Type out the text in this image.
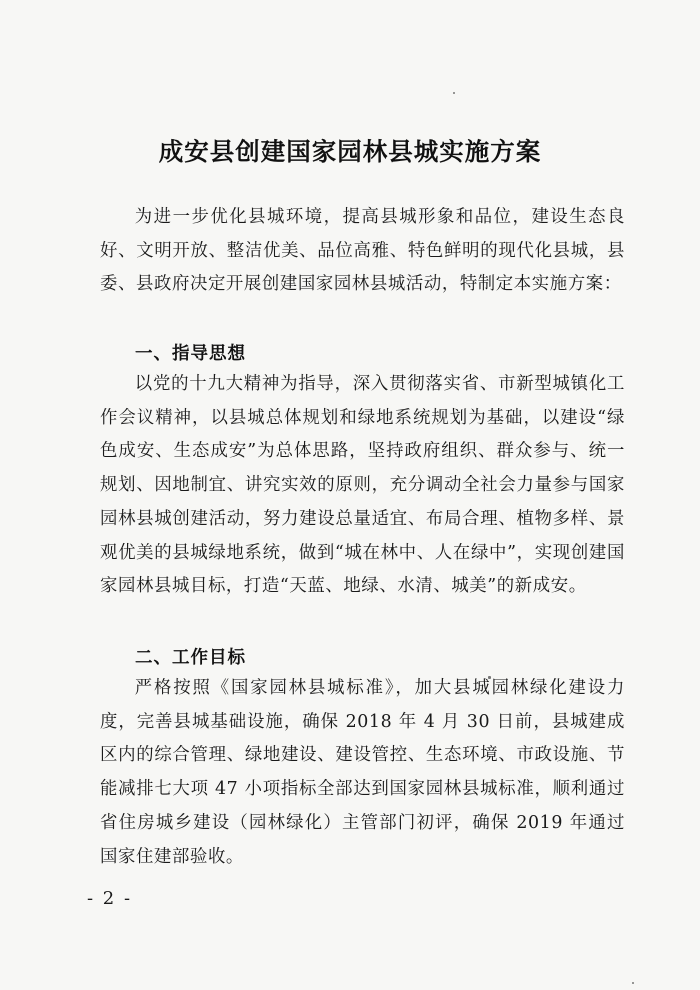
成安县创建国家园林县城实施方案

为进一步优化县城环境，提高县城形象和品位，建设生态良好、文明开放、整洁优美、品位高雅、特色鲜明的现代化县城，县委、县政府决定开展创建国家园林县城活动，特制定本实施方案：

一、指导思想

以党的十九大精神为指导，深入贯彻落实省、市新型城镇化工作会议精神，以县城总体规划和绿地系统规划为基础，以建设“绿色成安、生态成安”为总体思路，坚持政府组织、群众参与、统一规划、因地制宜、讲究实效的原则，充分调动全社会力量参与国家园林县城创建活动，努力建设总量适宜、布局合理、植物多样、景观优美的县城绿地系统，做到“城在林中、人在绿中”，实现创建国家园林县城目标，打造“天蓝、地绿、水清、城美”的新成安。

二、工作目标

严格按照《国家园林县城标准》，加大县城园林绿化建设力度，完善县城基础设施，确保 2018 年 4 月 30 日前，县城建成区内的综合管理、绿地建设、建设管控、生态环境、市政设施、节能减排七大项 47 小项指标全部达到国家园林县城标准，顺利通过省住房城乡建设（园林绿化）主管部门初评，确保 2019 年通过国家住建部验收。

- 2 -
